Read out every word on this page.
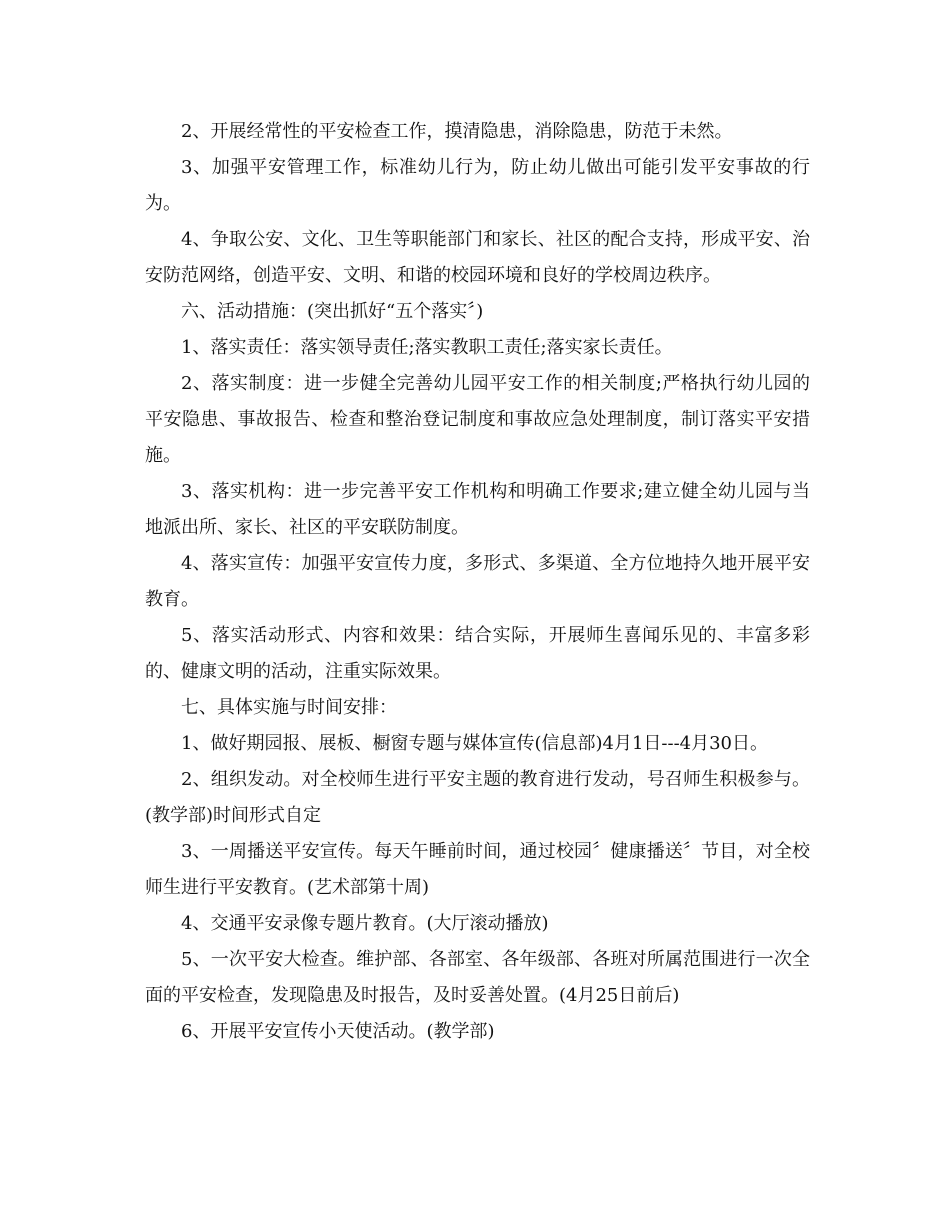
2、开展经常性的平安检查工作，摸清隐患，消除隐患，防范于未然。

3、加强平安管理工作，标准幼儿行为，防止幼儿做出可能引发平安事故的行为。

4、争取公安、文化、卫生等职能部门和家长、社区的配合支持，形成平安、治安防范网络，创造平安、文明、和谐的校园环境和良好的学校周边秩序。

六、活动措施：(突出抓好“五个落实〞)

1、落实责任：落实领导责任;落实教职工责任;落实家长责任。

2、落实制度：进一步健全完善幼儿园平安工作的相关制度;严格执行幼儿园的平安隐患、事故报告、检查和整治登记制度和事故应急处理制度，制订落实平安措施。

3、落实机构：进一步完善平安工作机构和明确工作要求;建立健全幼儿园与当地派出所、家长、社区的平安联防制度。

4、落实宣传：加强平安宣传力度，多形式、多渠道、全方位地持久地开展平安教育。

5、落实活动形式、内容和效果：结合实际，开展师生喜闻乐见的、丰富多彩的、健康文明的活动，注重实际效果。

七、具体实施与时间安排：

1、做好期园报、展板、橱窗专题与媒体宣传(信息部)4月1日---4月30日。

2、组织发动。对全校师生进行平安主题的教育进行发动，号召师生积极参与。(教学部)时间形式自定

3、一周播送平安宣传。每天午睡前时间，通过校园〞健康播送〞节目，对全校师生进行平安教育。(艺术部第十周)

4、交通平安录像专题片教育。(大厅滚动播放)

5、一次平安大检查。维护部、各部室、各年级部、各班对所属范围进行一次全面的平安检查，发现隐患及时报告，及时妥善处置。(4月25日前后)

6、开展平安宣传小天使活动。(教学部)
